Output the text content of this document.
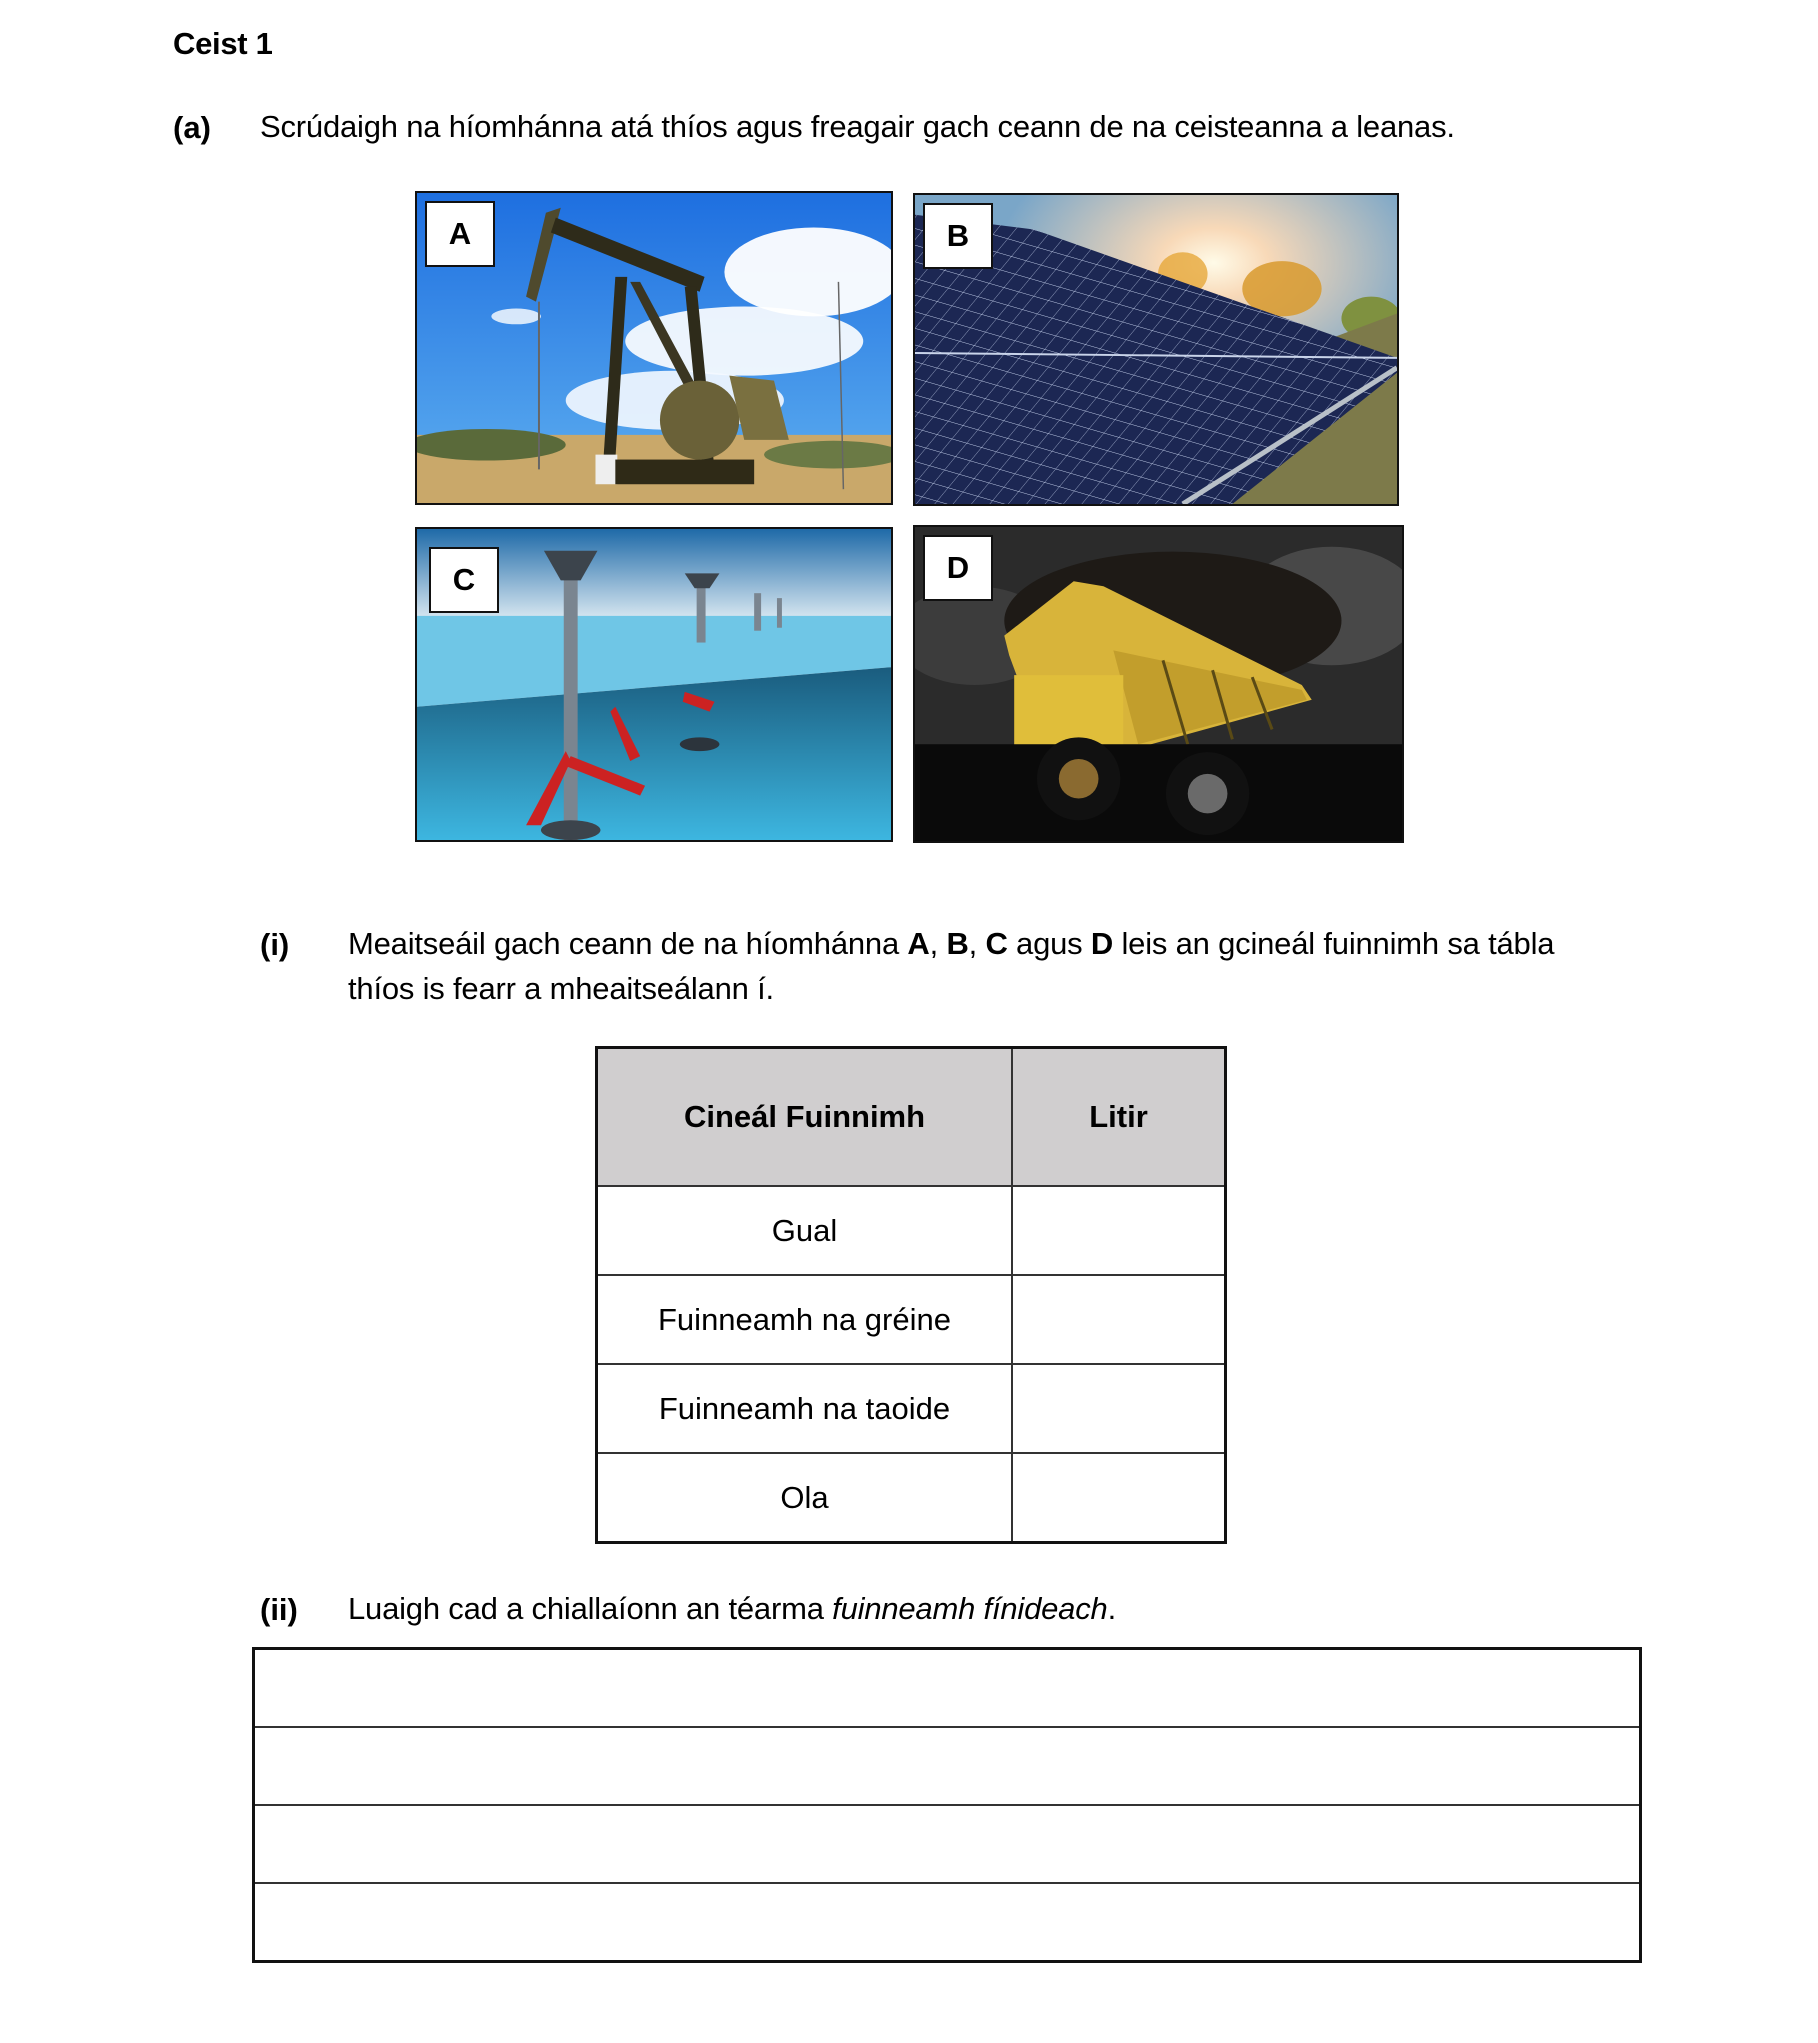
Ceist 1
(a) Scrúdaigh na híomhánna atá thíos agus freagair gach ceann de na ceisteanna a leanas.
A	B
C	D
(i) Meaitseáil gach ceann de na híomhánna A, B, C agus D leis an gcineál fuinnimh sa tábla
thíos is fearr a mheaitseálann í.
Cineál Fuinnimh	Litir
Gual	
Fuinneamh na gréine	
Fuinneamh na taoide	
Ola	
(ii) Luaigh cad a chiallaíonn an téarma fuinneamh fínideach.
